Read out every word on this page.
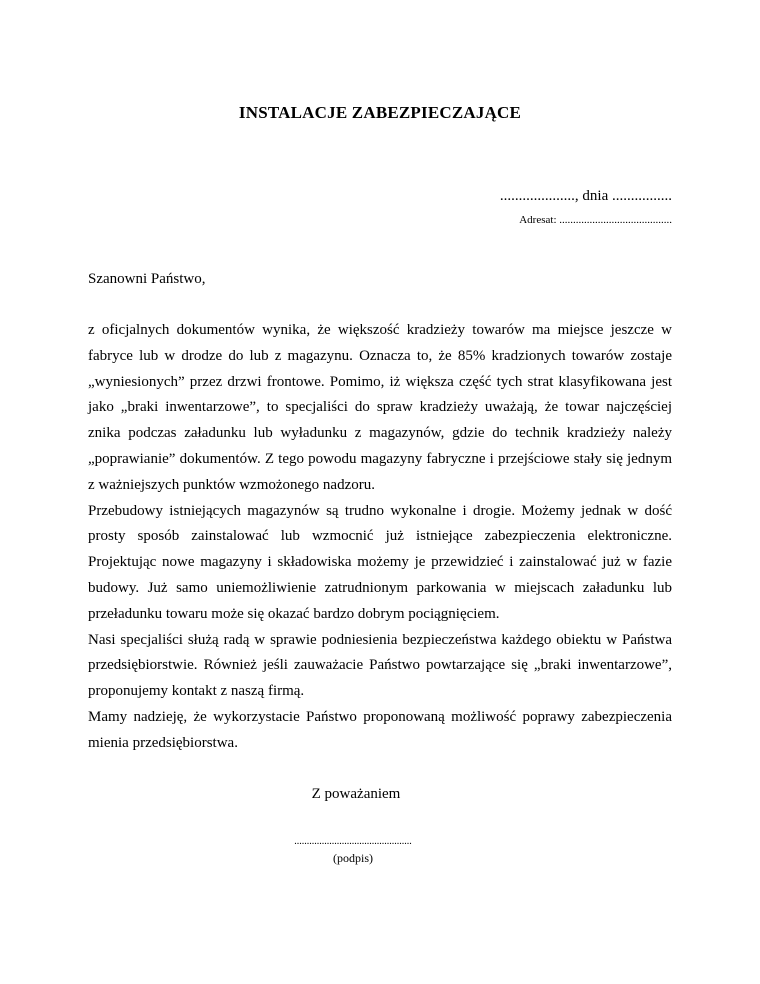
INSTALACJE ZABEZPIECZAJĄCE
...................., dnia ................
Adresat: .........................................
Szanowni Państwo,

z oficjalnych dokumentów wynika, że większość kradzieży towarów ma miejsce jeszcze w fabryce lub w drodze do lub z magazynu. Oznacza to, że 85% kradzionych towarów zostaje „wyniesionych” przez drzwi frontowe. Pomimo, iż większa część tych strat klasyfikowana jest jako „braki inwentarzowe”, to specjaliści do spraw kradzieży uważają, że towar najczęściej znika podczas załadunku lub wyładunku z magazynów, gdzie do technik kradzieży należy „poprawianie” dokumentów. Z tego powodu magazyny fabryczne i przejściowe stały się jednym z ważniejszych punktów wzmożonego nadzoru.

Przebudowy istniejących magazynów są trudno wykonalne i drogie. Możemy jednak w dość prosty sposób zainstalować lub wzmocnić już istniejące zabezpieczenia elektroniczne. Projektując nowe magazyny i składowiska możemy je przewidzieć i zainstalować już w fazie budowy. Już samo uniemożliwienie zatrudnionym parkowania w miejscach załadunku lub przeładunku towaru może się okazać bardzo dobrym pociągnięciem.

Nasi specjaliści służą radą w sprawie podniesienia bezpieczeństwa każdego obiektu w Państwa przedsiębiorstwie. Również jeśli zauważacie Państwo powtarzające się „braki inwentarzowe”, proponujemy kontakt z naszą firmą.

Mamy nadzieję, że wykorzystacie Państwo proponowaną możliwość poprawy zabezpieczenia mienia przedsiębiorstwa.

Z poważaniem
...............................................
(podpis)
